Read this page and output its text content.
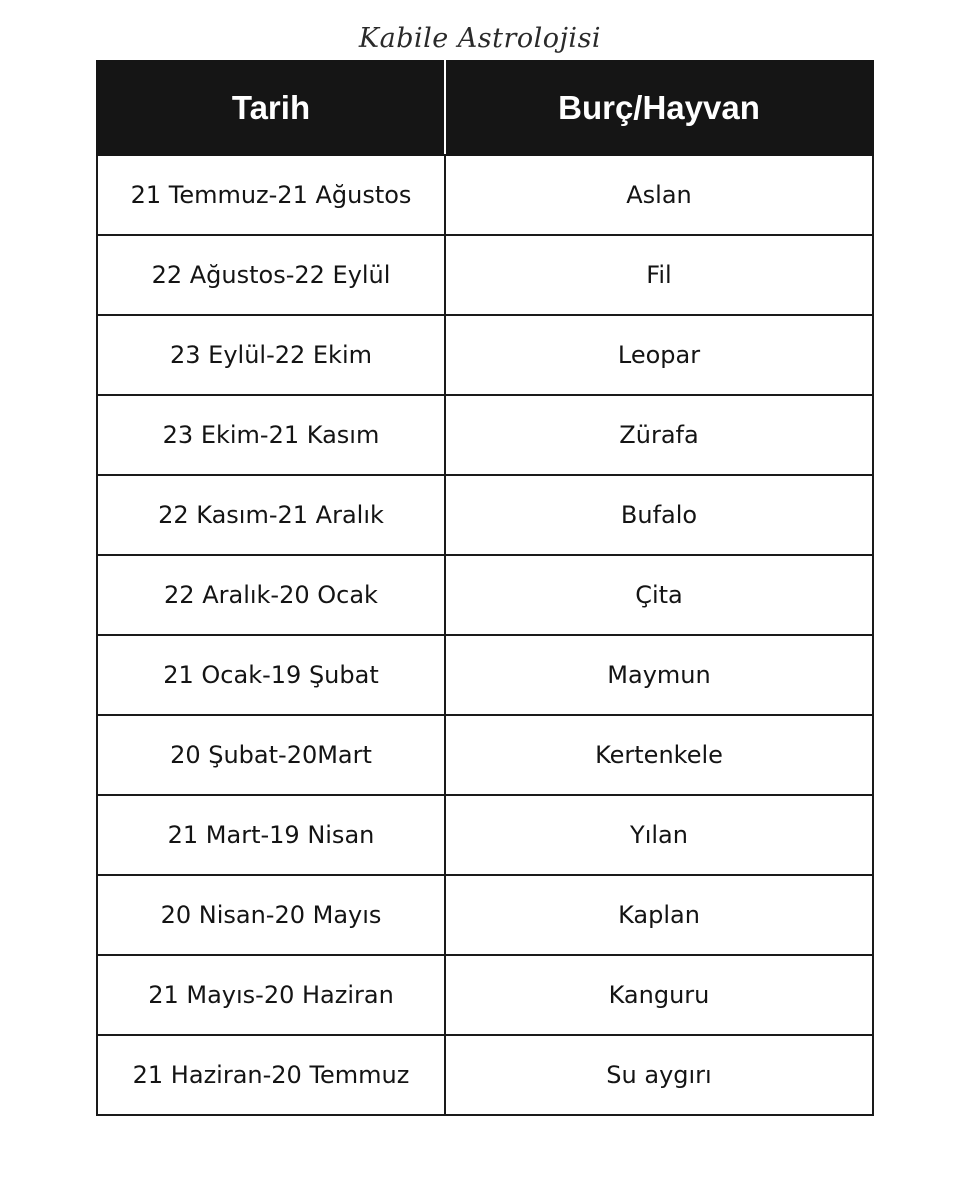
Kabile Astrolojisi
Tarih	Burç/Hayvan
21 Temmuz-21 Ağustos	Aslan
22 Ağustos-22 Eylül	Fil
23 Eylül-22 Ekim	Leopar
23 Ekim-21 Kasım	Zürafa
22 Kasım-21 Aralık	Bufalo
22 Aralık-20 Ocak	Çita
21 Ocak-19 Şubat	Maymun
20 Şubat-20Mart	Kertenkele
21 Mart-19 Nisan	Yılan
20 Nisan-20 Mayıs	Kaplan
21 Mayıs-20 Haziran	Kanguru
21 Haziran-20 Temmuz	Su aygırı
